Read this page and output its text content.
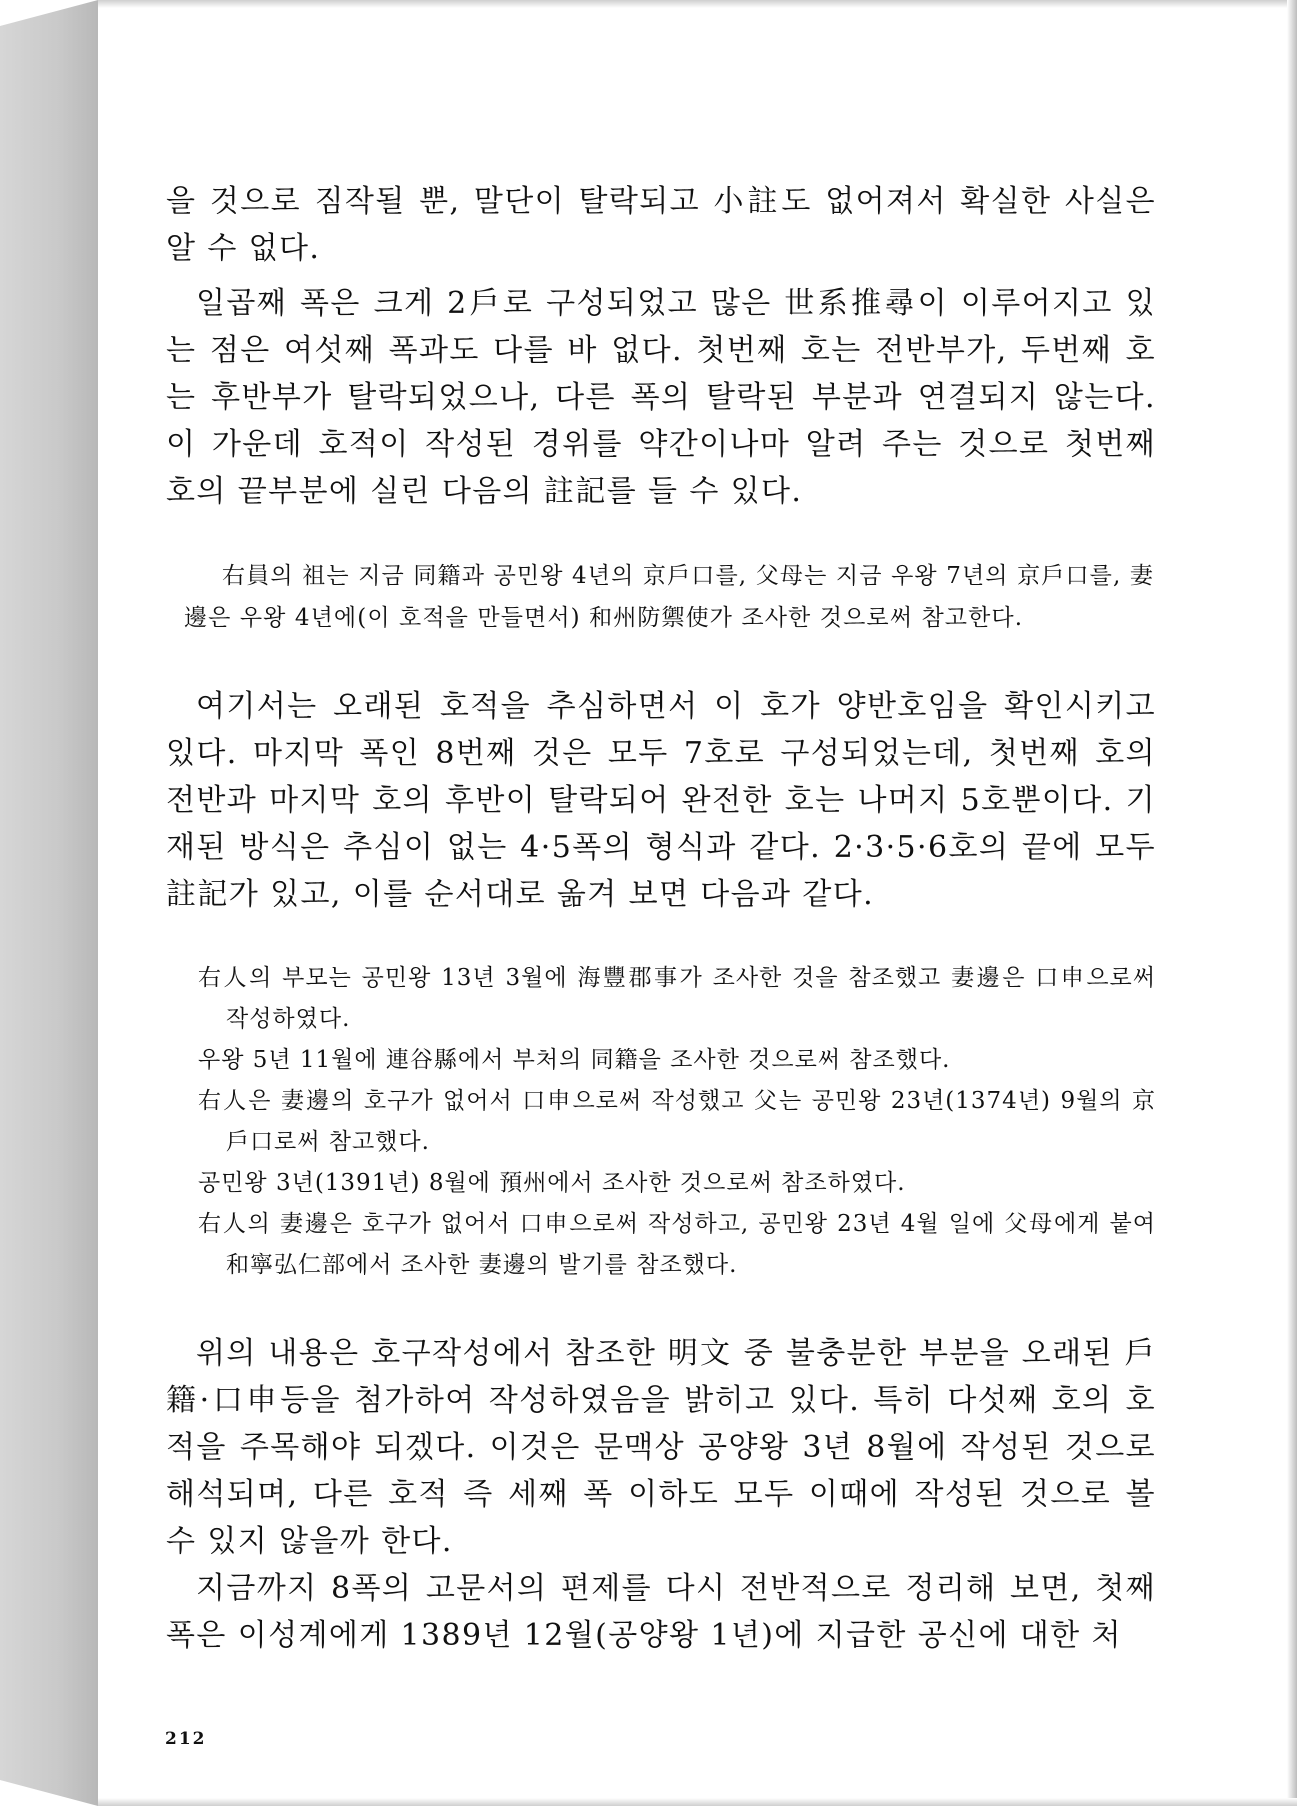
을 것으로 짐작될 뿐, 말단이 탈락되고 小註도 없어져서 확실한 사실은 알 수 없다.

일곱째 폭은 크게 2戶로 구성되었고 많은 世系推尋이 이루어지고 있는 점은 여섯째 폭과도 다를 바 없다. 첫번째 호는 전반부가, 두번째 호는 후반부가 탈락되었으나, 다른 폭의 탈락된 부분과 연결되지 않는다. 이 가운데 호적이 작성된 경위를 약간이나마 알려 주는 것으로 첫번째 호의 끝부분에 실린 다음의 註記를 들 수 있다.

右員의 祖는 지금 同籍과 공민왕 4년의 京戶口를, 父母는 지금 우왕 7년의 京戶口를, 妻邊은 우왕 4년에(이 호적을 만들면서) 和州防禦使가 조사한 것으로써 참고한다.

여기서는 오래된 호적을 추심하면서 이 호가 양반호임을 확인시키고 있다. 마지막 폭인 8번째 것은 모두 7호로 구성되었는데, 첫번째 호의 전반과 마지막 호의 후반이 탈락되어 완전한 호는 나머지 5호뿐이다. 기재된 방식은 추심이 없는 4·5폭의 형식과 같다. 2·3·5·6호의 끝에 모두 註記가 있고, 이를 순서대로 옮겨 보면 다음과 같다.

右人의 부모는 공민왕 13년 3월에 海豐郡事가 조사한 것을 참조했고 妻邊은 口申으로써 작성하였다.

우왕 5년 11월에 連谷縣에서 부처의 同籍을 조사한 것으로써 참조했다.

右人은 妻邊의 호구가 없어서 口申으로써 작성했고 父는 공민왕 23년(1374년) 9월의 京戶口로써 참고했다.

공민왕 3년(1391년) 8월에 預州에서 조사한 것으로써 참조하였다.

右人의 妻邊은 호구가 없어서 口申으로써 작성하고, 공민왕 23년 4월 일에 父母에게 붙여 和寧弘仁部에서 조사한 妻邊의 발기를 참조했다.

위의 내용은 호구작성에서 참조한 明文 중 불충분한 부분을 오래된 戶籍·口申등을 첨가하여 작성하였음을 밝히고 있다. 특히 다섯째 호의 호적을 주목해야 되겠다. 이것은 문맥상 공양왕 3년 8월에 작성된 것으로 해석되며, 다른 호적 즉 세째 폭 이하도 모두 이때에 작성된 것으로 볼 수 있지 않을까 한다.

지금까지 8폭의 고문서의 편제를 다시 전반적으로 정리해 보면, 첫째 폭은 이성계에게 1389년 12월(공양왕 1년)에 지급한 공신에 대한 처

212
